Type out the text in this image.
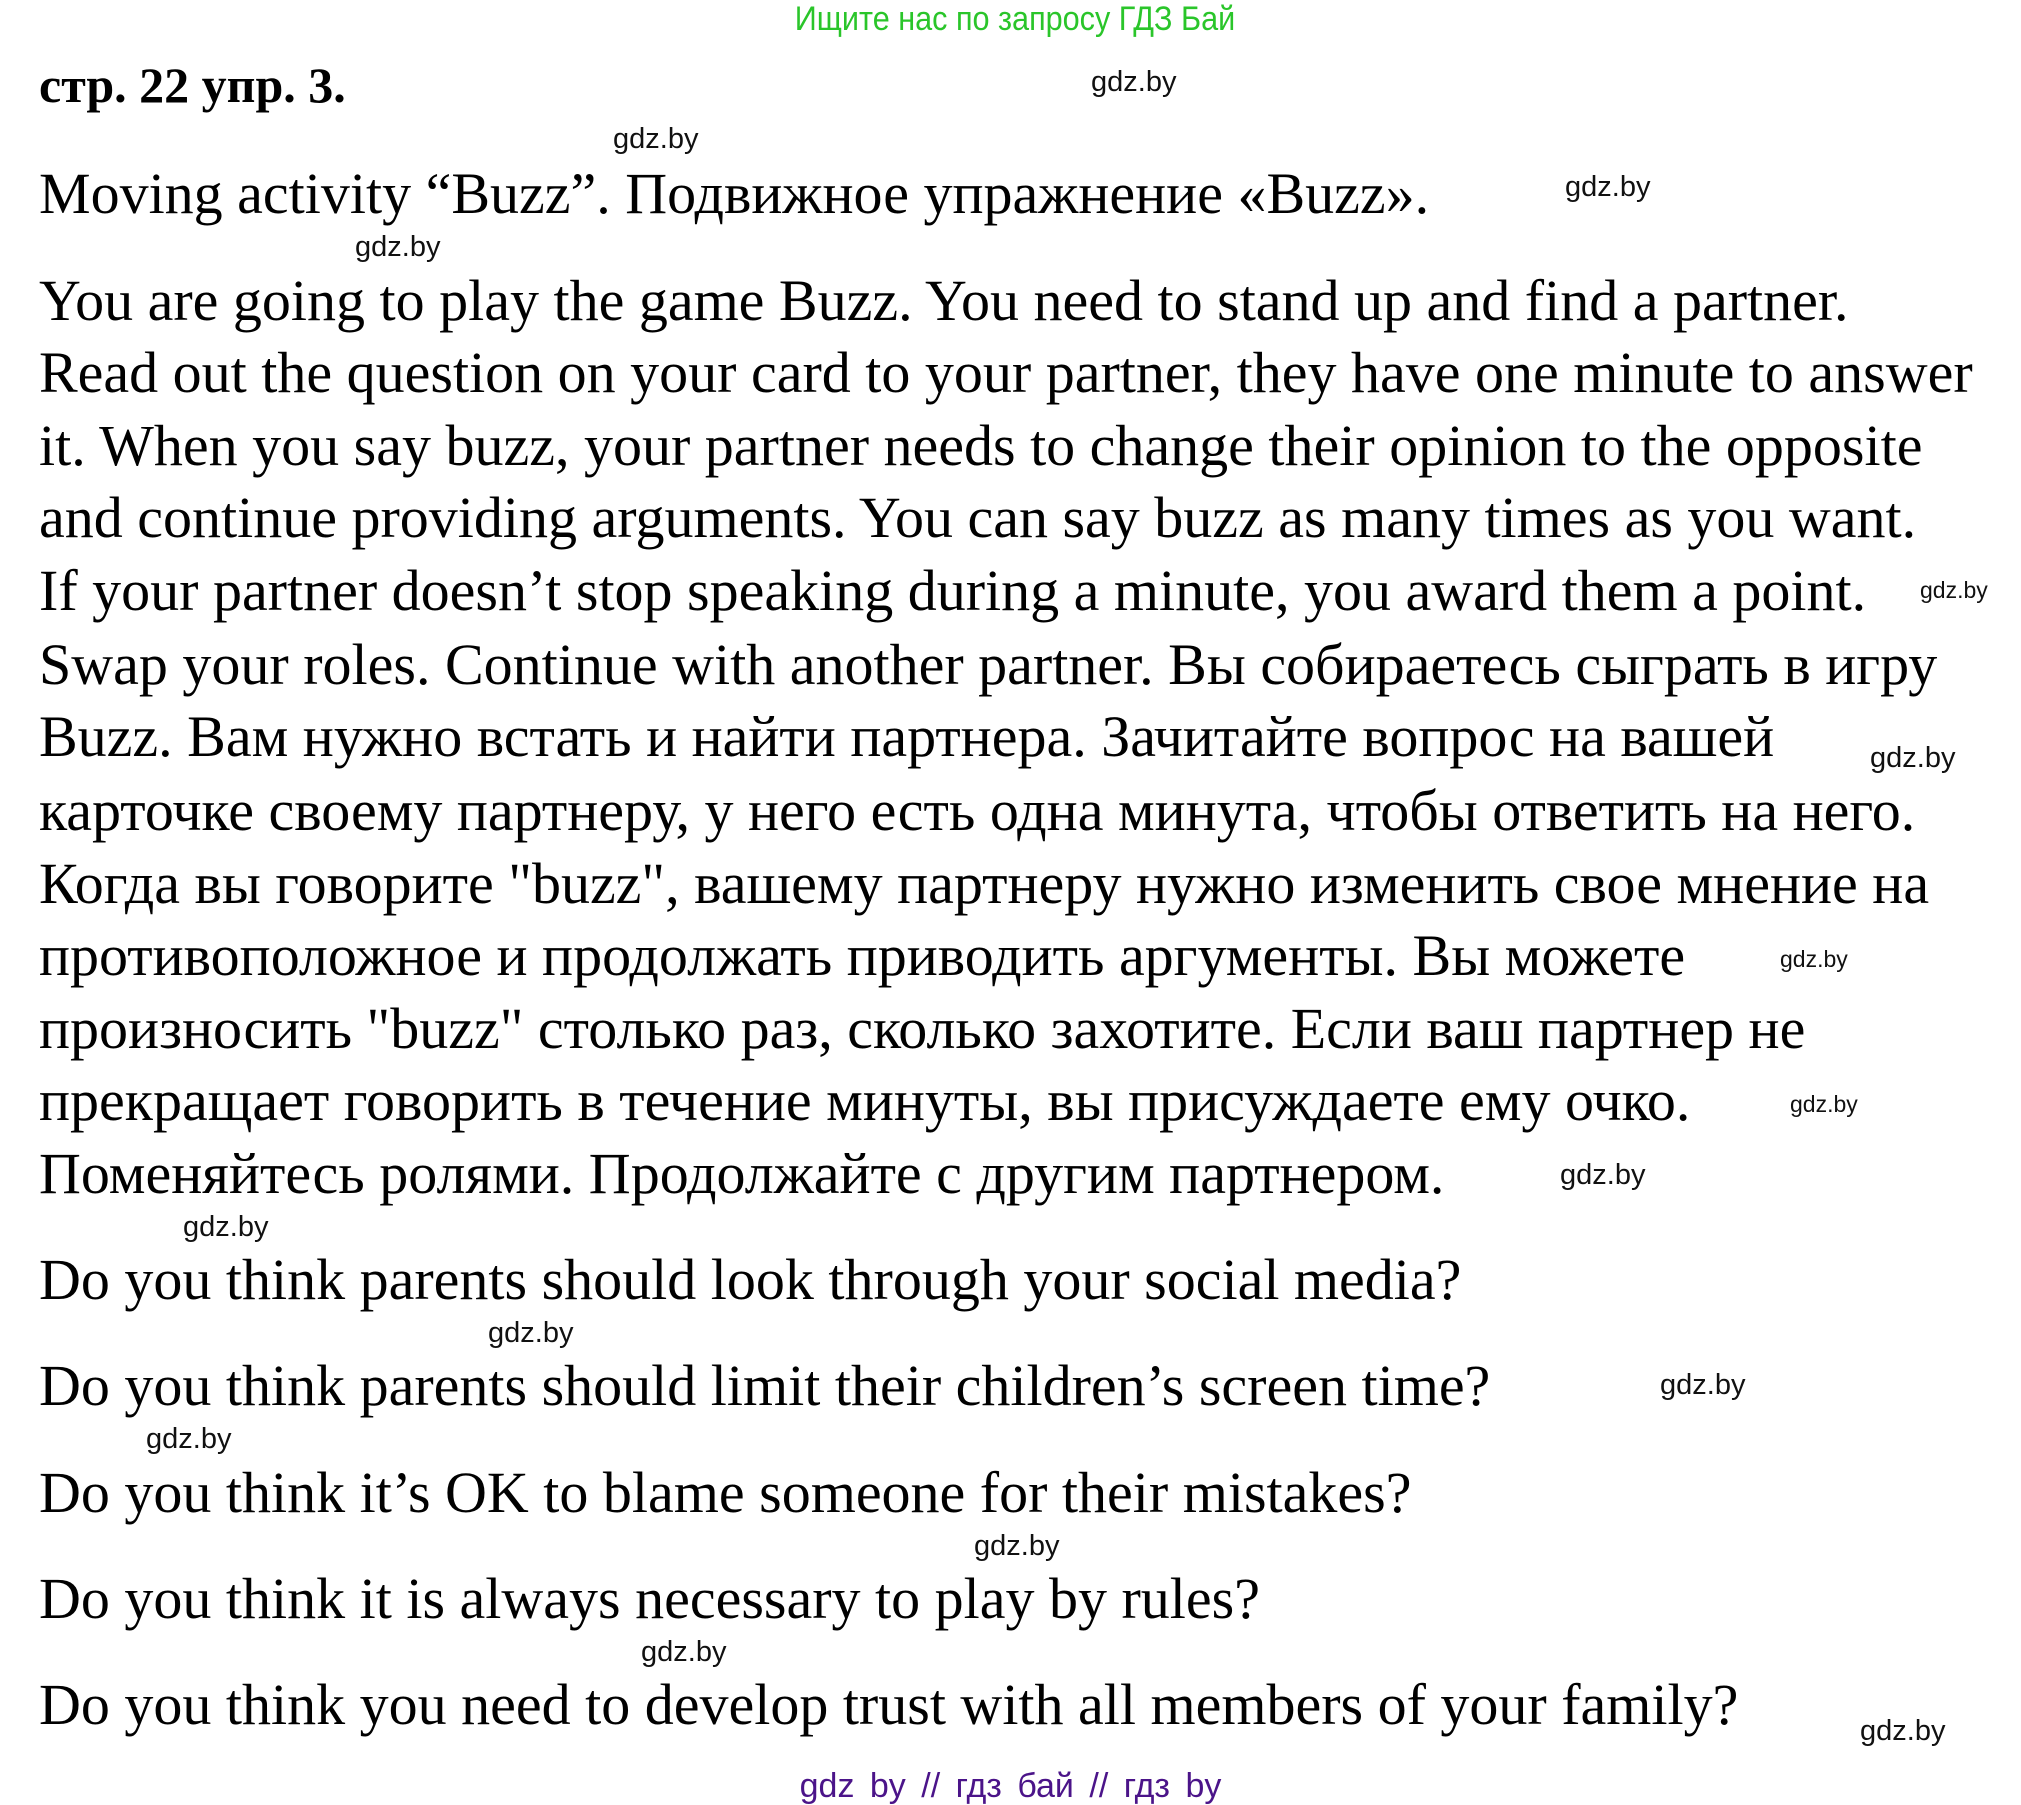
Ищите нас по запросу ГДЗ Бай
стр. 22 упр. 3.
Moving activity “Buzz”. Подвижное упражнение «Buzz».
You are going to play the game Buzz. You need to stand up and find a partner.
Read out the question on your card to your partner, they have one minute to answer
it. When you say buzz, your partner needs to change their opinion to the opposite
and continue providing arguments. You can say buzz as many times as you want.
If your partner doesn’t stop speaking during a minute, you award them a point.
Swap your roles. Continue with another partner. Вы собираетесь сыграть в игру
Buzz. Вам нужно встать и найти партнера. Зачитайте вопрос на вашей
карточке своему партнеру, у него есть одна минута, чтобы ответить на него.
Когда вы говорите "buzz", вашему партнеру нужно изменить свое мнение на
противоположное и продолжать приводить аргументы. Вы можете
произносить "buzz" столько раз, сколько захотите. Если ваш партнер не
прекращает говорить в течение минуты, вы присуждаете ему очко.
Поменяйтесь ролями. Продолжайте с другим партнером.
Do you think parents should look through your social media?
Do you think parents should limit their children’s screen time?
Do you think it’s OK to blame someone for their mistakes?
Do you think it is always necessary to play by rules?
Do you think you need to develop trust with all members of your family?
gdz.by
gdz.by
gdz.by
gdz.by
gdz.by
gdz.by
gdz.by
gdz.by
gdz.by
gdz.by
gdz.by
gdz.by
gdz.by
gdz.by
gdz.by
gdz.by
gdz by // гдз бай // гдз by
